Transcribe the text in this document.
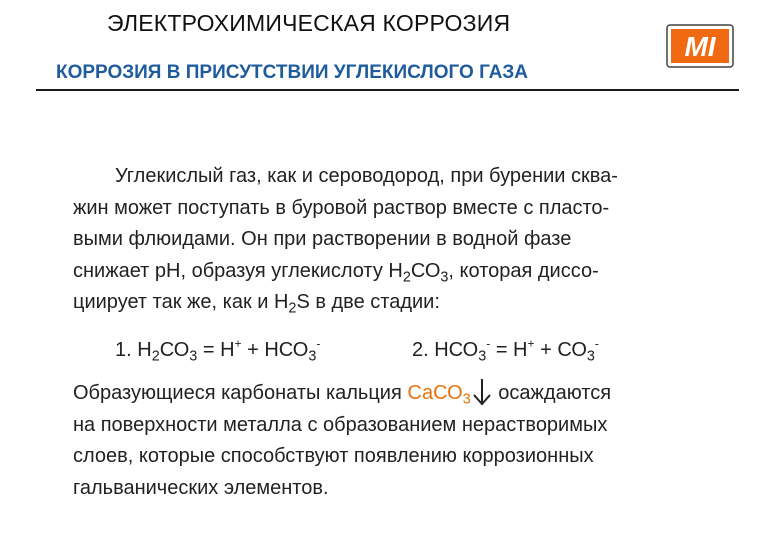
ЭЛЕКТРОХИМИЧЕСКАЯ КОРРОЗИЯ
MI
КОРРОЗИЯ В ПРИСУТСТВИИ УГЛЕКИСЛОГО ГАЗА
Углекислый газ, как и сероводород, при бурении сква-
жин может поступать в буровой раствор вместе с пласто-
выми флюидами. Он при растворении в водной фазе
снижает рН, образуя углекислоту $Н_2СО_3$, которая диссо-
циирует так же, как и $Н_2S$ в две стадии:
1. $Н_2СО_3 = Н^+ + НСО_3^-$	2. $НСО_3^- = Н^+ + СО_3^-$
Образующиеся карбонаты кальция СаСО$_3$ осаждаются
на поверхности металла с образованием нерастворимых
слоев, которые способствуют появлению коррозионных
гальванических элементов.
